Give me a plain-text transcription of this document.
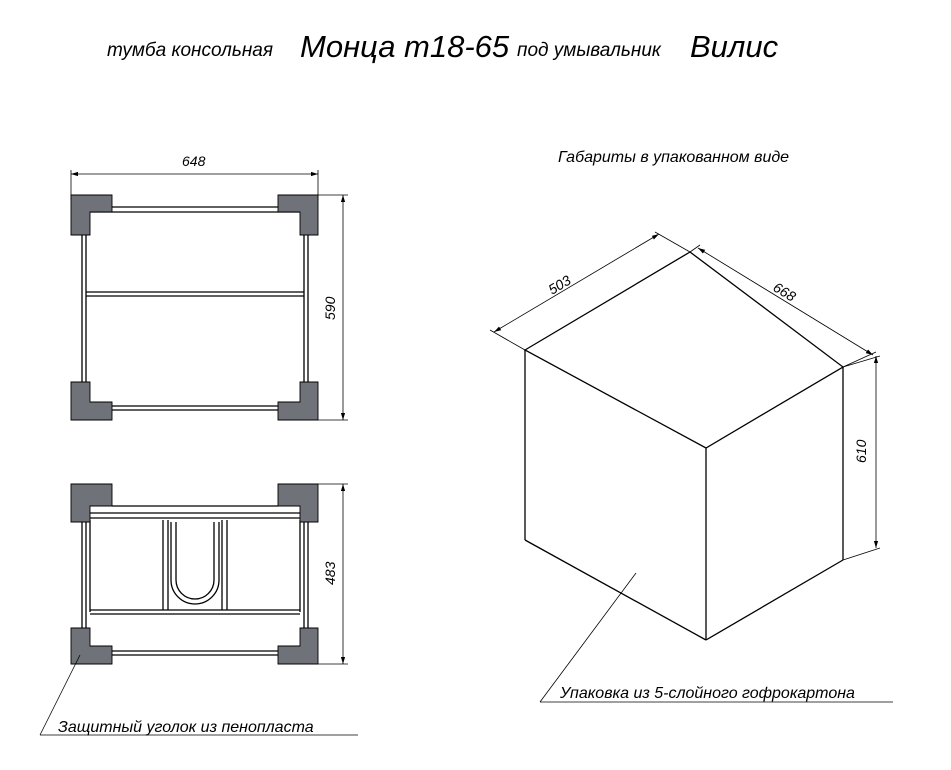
тумба консольная Монца т18-65 под умывальник Вилис
648
590
483
Защитный уголок из пенопласта
Габариты в упакованном виде
503	668
610
Упаковка из 5-слойного гофрокартона
